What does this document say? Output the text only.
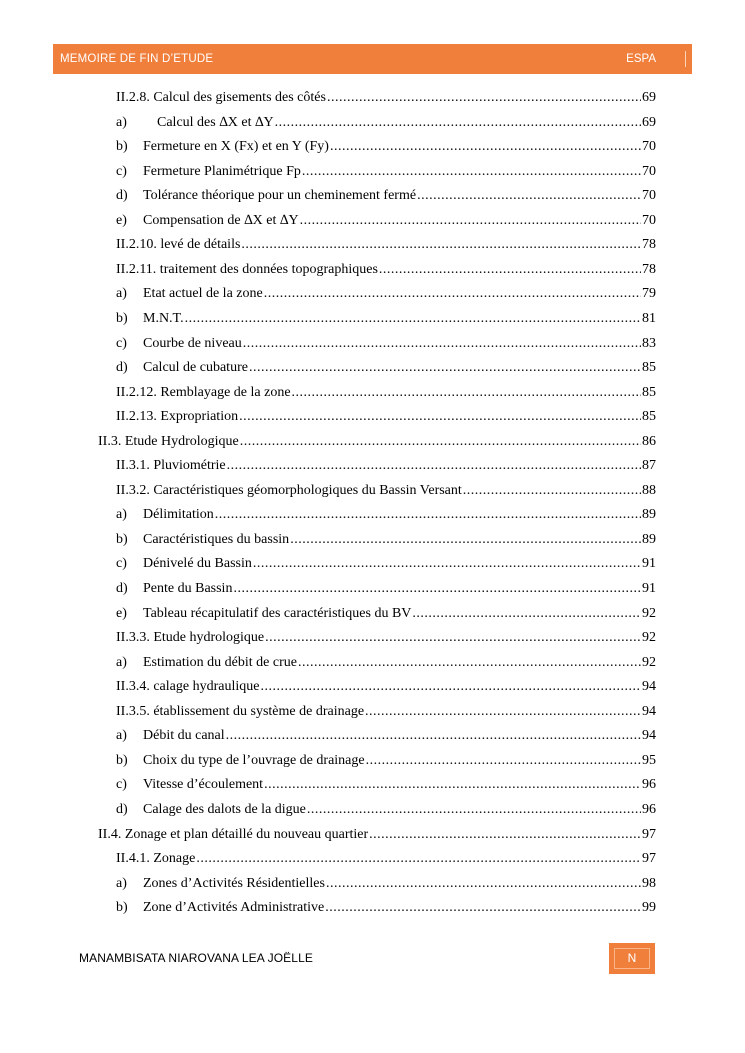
MEMOIRE DE FIN D’ETUDE	ESPA
II.2.8. Calcul des gisements des côtés .....	69
a) Calcul des ∆X et ∆Y .....	69
b) Fermeture en X (Fx) et en Y (Fy) .....	70
c) Fermeture Planimétrique Fp .....	70
d) Tolérance théorique pour un cheminement fermé .....	70
e) Compensation de ∆X et ∆Y .....	70
II.2.10. levé de détails .....	78
II.2.11. traitement des données topographiques .....	78
a) Etat actuel de la zone .....	79
b) M.N.T. .....	81
c) Courbe de niveau .....	83
d) Calcul de cubature .....	85
II.2.12. Remblayage de la zone .....	85
II.2.13. Expropriation .....	85
II.3. Etude Hydrologique .....	86
II.3.1. Pluviométrie .....	87
II.3.2. Caractéristiques géomorphologiques du Bassin Versant .....	88
a) Délimitation .....	89
b) Caractéristiques du bassin .....	89
c) Dénivelé du Bassin .....	91
d) Pente du Bassin .....	91
e) Tableau récapitulatif des caractéristiques du BV .....	92
II.3.3. Etude hydrologique .....	92
a) Estimation du débit de crue .....	92
II.3.4. calage hydraulique .....	94
II.3.5. établissement du système de drainage .....	94
a) Débit du canal .....	94
b) Choix du type de l’ouvrage de drainage .....	95
c) Vitesse d’écoulement .....	96
d) Calage des dalots de la digue .....	96
II.4. Zonage et plan détaillé du nouveau quartier .....	97
II.4.1. Zonage .....	97
a) Zones d’Activités Résidentielles .....	98
b) Zone d’Activités Administrative .....	99
MANAMBISATA NIAROVANA LEA JOËLLE	N
